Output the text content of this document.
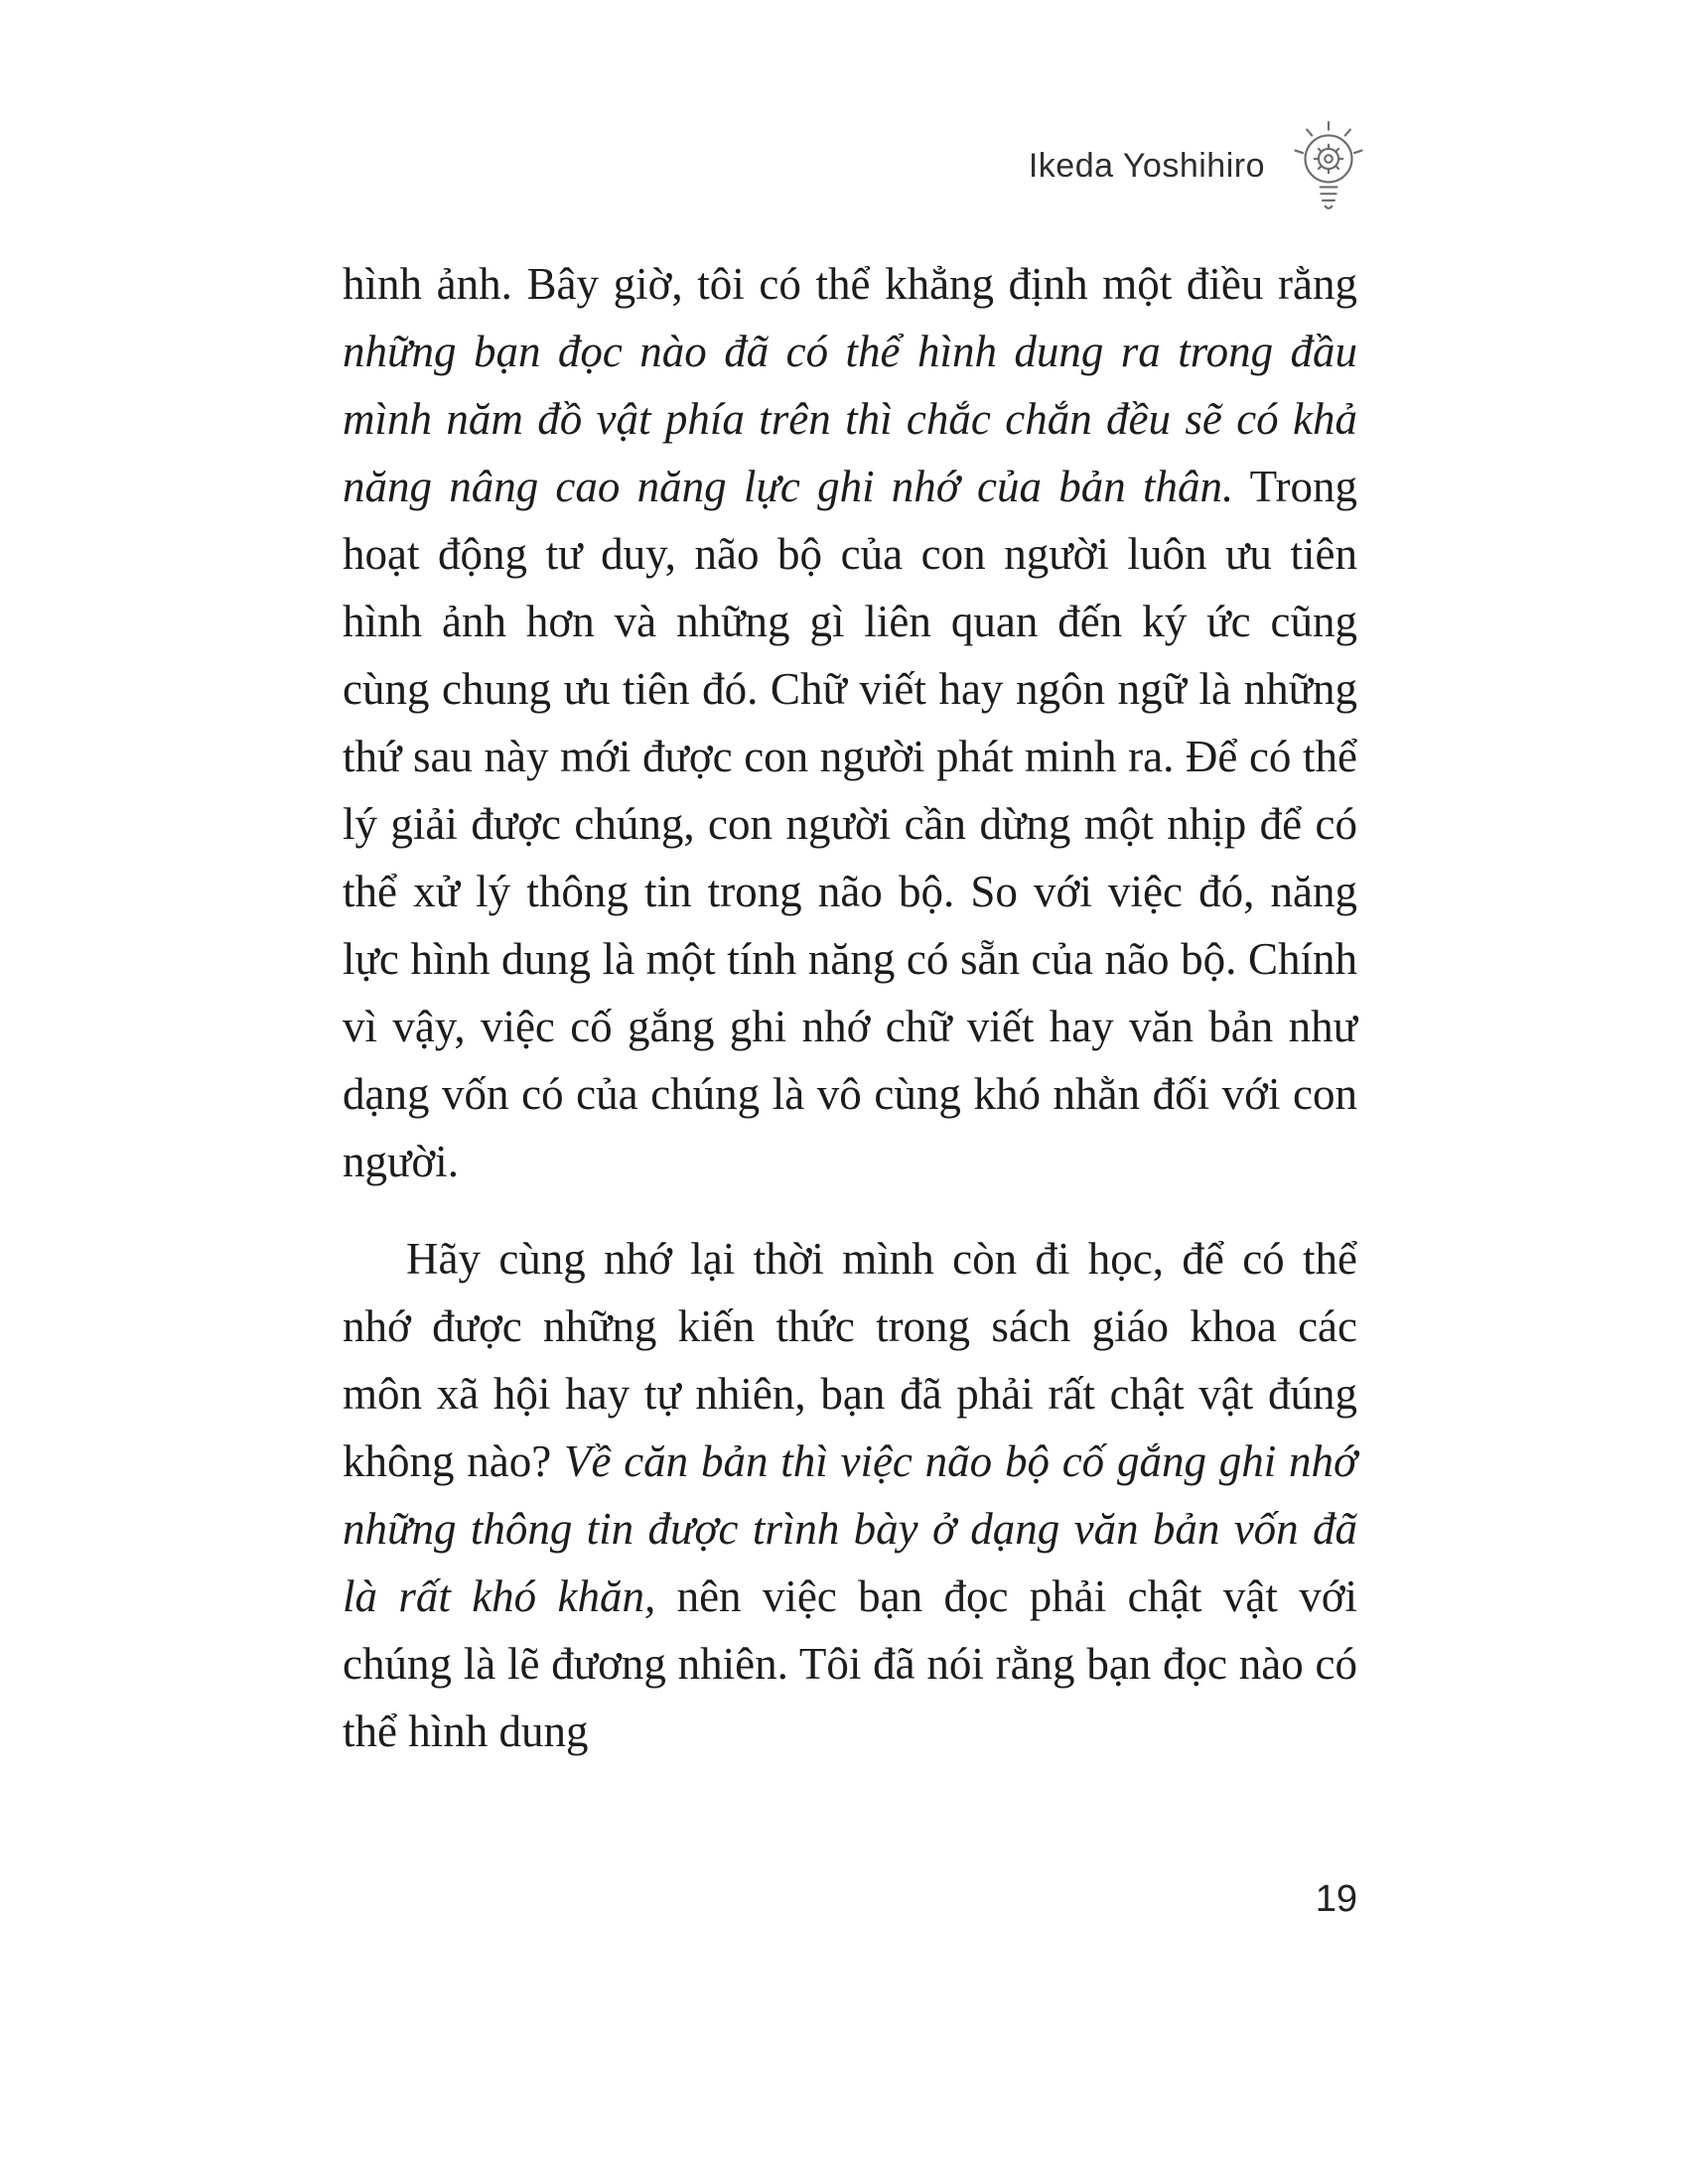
Ikeda Yoshihiro

hình ảnh. Bây giờ, tôi có thể khẳng định một điều rằng những bạn đọc nào đã có thể hình dung ra trong đầu mình năm đồ vật phía trên thì chắc chắn đều sẽ có khả năng nâng cao năng lực ghi nhớ của bản thân. Trong hoạt động tư duy, não bộ của con người luôn ưu tiên hình ảnh hơn và những gì liên quan đến ký ức cũng cùng chung ưu tiên đó. Chữ viết hay ngôn ngữ là những thứ sau này mới được con người phát minh ra. Để có thể lý giải được chúng, con người cần dừng một nhịp để có thể xử lý thông tin trong não bộ. So với việc đó, năng lực hình dung là một tính năng có sẵn của não bộ. Chính vì vậy, việc cố gắng ghi nhớ chữ viết hay văn bản như dạng vốn có của chúng là vô cùng khó nhằn đối với con người.

Hãy cùng nhớ lại thời mình còn đi học, để có thể nhớ được những kiến thức trong sách giáo khoa các môn xã hội hay tự nhiên, bạn đã phải rất chật vật đúng không nào? Về căn bản thì việc não bộ cố gắng ghi nhớ những thông tin được trình bày ở dạng văn bản vốn đã là rất khó khăn, nên việc bạn đọc phải chật vật với chúng là lẽ đương nhiên. Tôi đã nói rằng bạn đọc nào có thể hình dung

19
